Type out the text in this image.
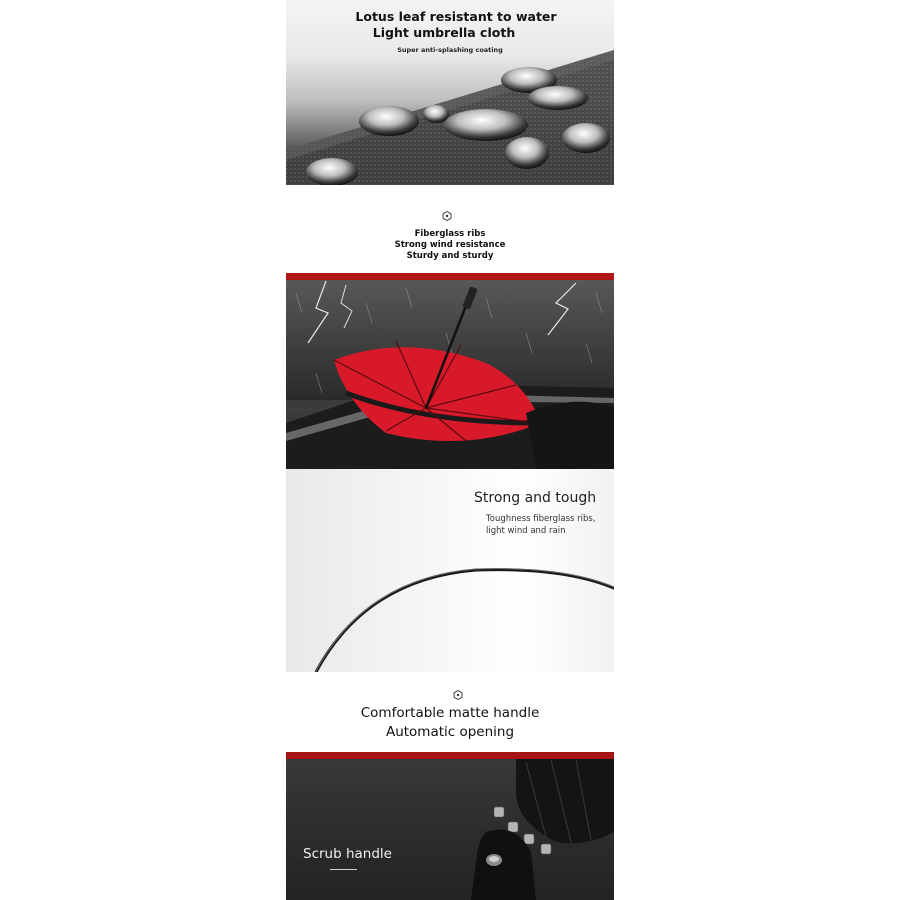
Lotus leaf resistant to water
Light umbrella cloth
Super anti-splashing coating
Fiberglass ribs
Strong wind resistance
Sturdy and sturdy
Strong and tough
Toughness fiberglass ribs,
light wind and rain
Comfortable matte handle
Automatic opening
Scrub handle
